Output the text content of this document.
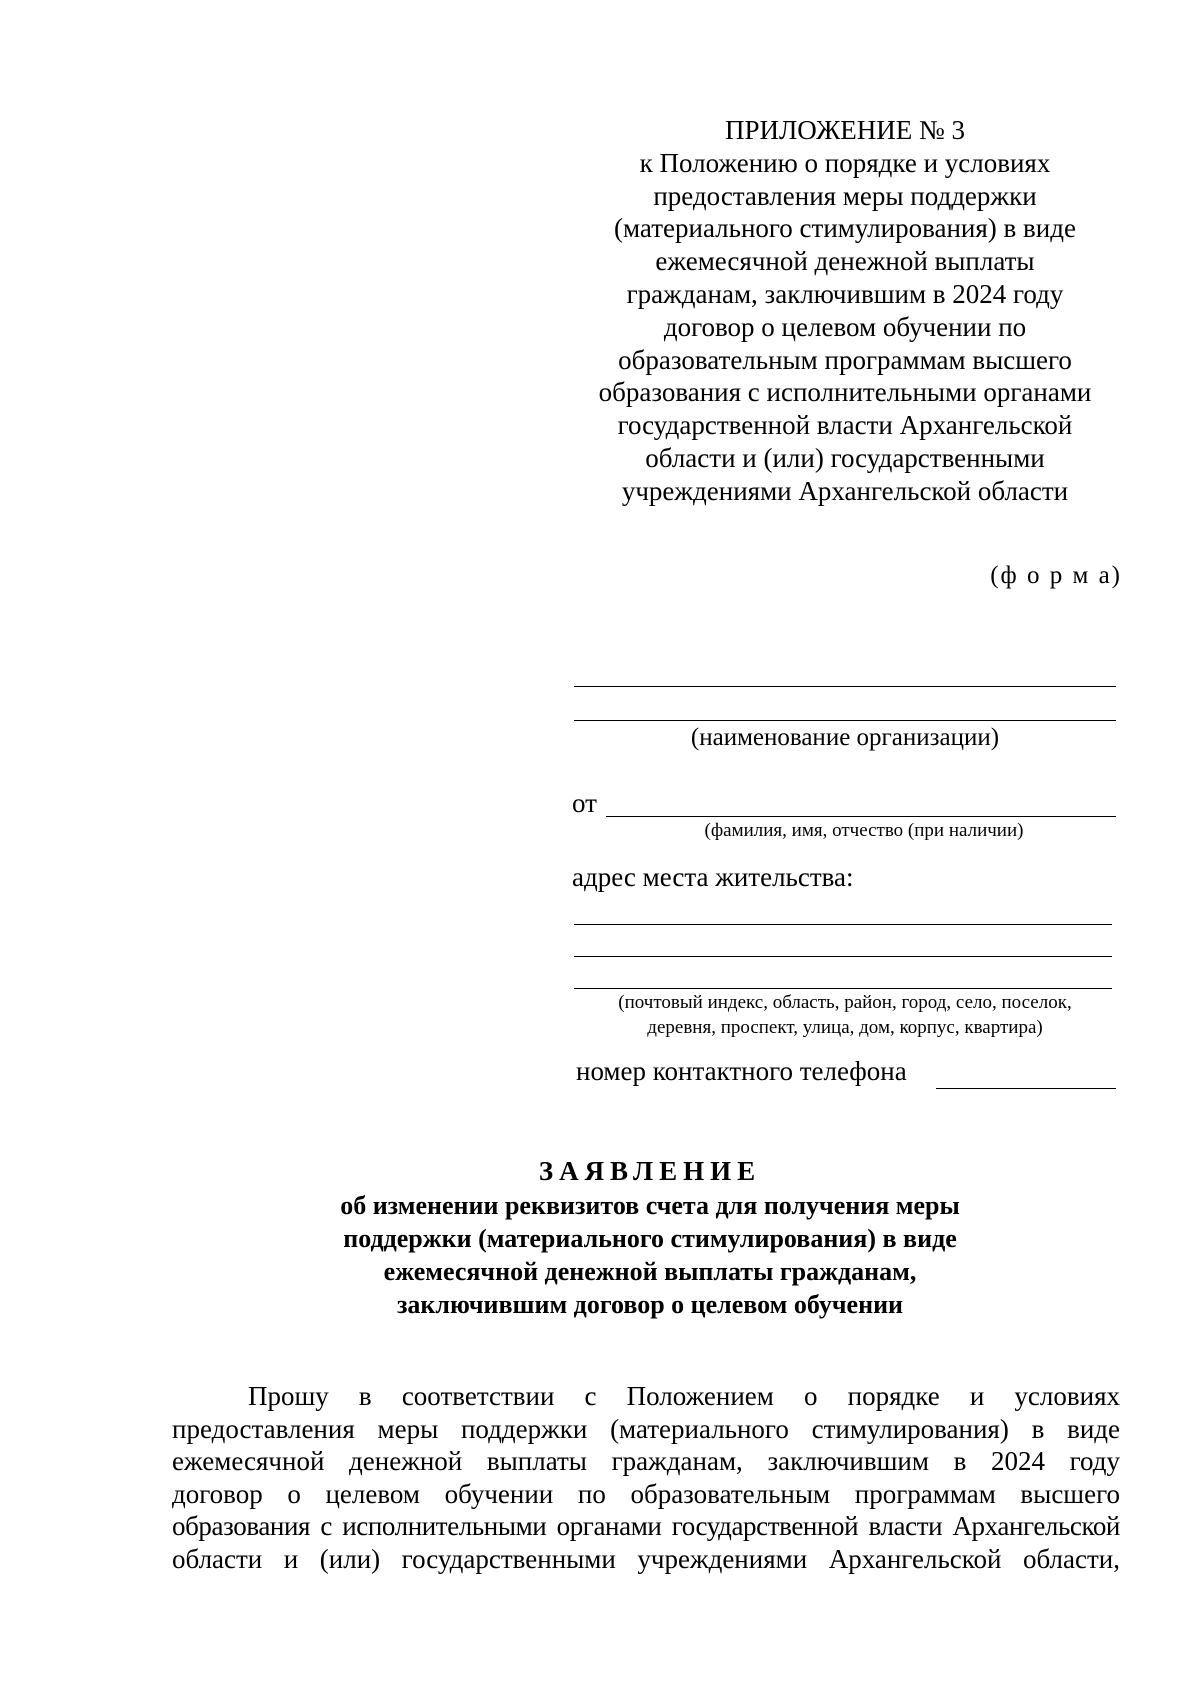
ПРИЛОЖЕНИЕ № 3
к Положению о порядке и условиях
предоставления меры поддержки
(материального стимулирования) в виде
ежемесячной денежной выплаты
гражданам, заключившим в 2024 году
договор о целевом обучении по
образовательным программам высшего
образования с исполнительными органами
государственной власти Архангельской
области и (или) государственными
учреждениями Архангельской области
(ф о р м а)
(наименование организации)
от
(фамилия, имя, отчество (при наличии)
адрес места жительства:
(почтовый индекс, область, район, город, село, поселок,
деревня, проспект, улица, дом, корпус, квартира)
номер контактного телефона
ЗАЯВЛЕНИЕ
об изменении реквизитов счета для получения меры
поддержки (материального стимулирования) в виде
ежемесячной денежной выплаты гражданам,
заключившим договор о целевом обучении
Прошу в соответствии с Положением о порядке и условиях
предоставления меры поддержки (материального стимулирования) в виде
ежемесячной денежной выплаты гражданам, заключившим в 2024 году
договор о целевом обучении по образовательным программам высшего
образования с исполнительными органами государственной власти Архангельской
области и (или) государственными учреждениями Архангельской области,
